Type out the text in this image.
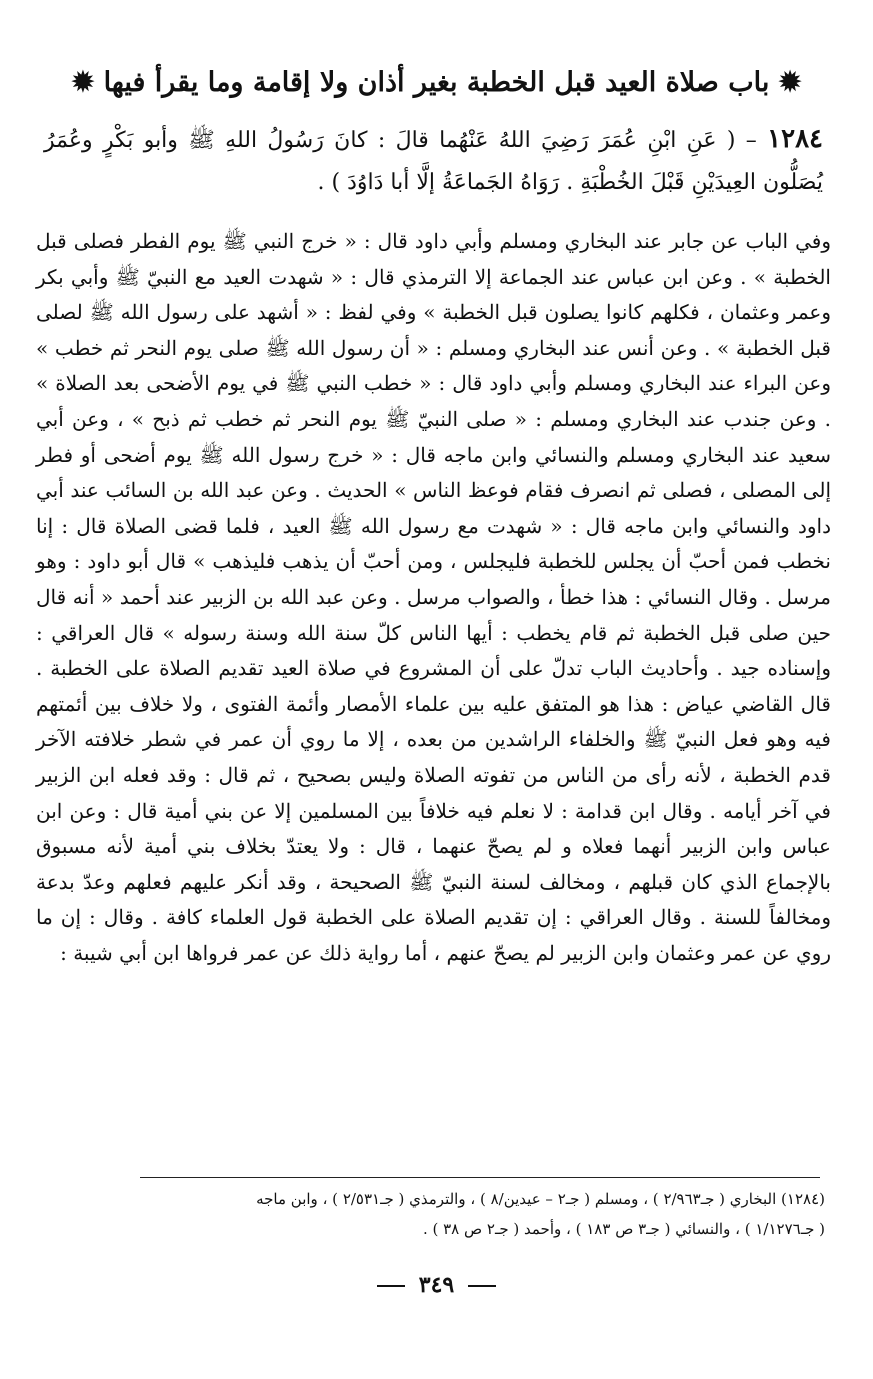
✹ باب صلاة العيد قبل الخطبة بغير أذان ولا إقامة وما يقرأ فيها ✹
١٢٨٤ – ( عَنِ ابْنِ عُمَرَ رَضِيَ اللهُ عَنْهُما قالَ : كانَ رَسُولُ اللهِ ﷺ وأبو بَكْرٍ وعُمَرُ يُصَلُّون العِيدَيْنِ قَبْلَ الخُطْبَةِ . رَوَاهُ الجَماعَةُ إلَّا أبا دَاوُدَ ) .
وفي الباب عن جابر عند البخاري ومسلم وأبي داود قال : « خرج النبي ﷺ يوم الفطر فصلى قبل الخطبة » . وعن ابن عباس عند الجماعة إلا الترمذي قال : « شهدت العيد مع النبيّ ﷺ وأبي بكر وعمر وعثمان ، فكلهم كانوا يصلون قبل الخطبة » وفي لفظ : « أشهد على رسول الله ﷺ لصلى قبل الخطبة » . وعن أنس عند البخاري ومسلم : « أن رسول الله ﷺ صلى يوم النحر ثم خطب » وعن البراء عند البخاري ومسلم وأبي داود قال : « خطب النبي ﷺ في يوم الأضحى بعد الصلاة » . وعن جندب عند البخاري ومسلم : « صلى النبيّ ﷺ يوم النحر ثم خطب ثم ذبح » ، وعن أبي سعيد عند البخاري ومسلم والنسائي وابن ماجه قال : « خرج رسول الله ﷺ يوم أضحى أو فطر إلى المصلى ، فصلى ثم انصرف فقام فوعظ الناس » الحديث . وعن عبد الله بن السائب عند أبي داود والنسائي وابن ماجه قال : « شهدت مع رسول الله ﷺ العيد ، فلما قضى الصلاة قال : إنا نخطب فمن أحبّ أن يجلس للخطبة فليجلس ، ومن أحبّ أن يذهب فليذهب » قال أبو داود : وهو مرسل . وقال النسائي : هذا خطأ ، والصواب مرسل . وعن عبد الله بن الزبير عند أحمد « أنه قال حين صلى قبل الخطبة ثم قام يخطب : أيها الناس كلّ سنة الله وسنة رسوله » قال العراقي : وإسناده جيد . وأحاديث الباب تدلّ على أن المشروع في صلاة العيد تقديم الصلاة على الخطبة . قال القاضي عياض : هذا هو المتفق عليه بين علماء الأمصار وأئمة الفتوى ، ولا خلاف بين أئمتهم فيه وهو فعل النبيّ ﷺ والخلفاء الراشدين من بعده ، إلا ما روي أن عمر في شطر خلافته الآخر قدم الخطبة ، لأنه رأى من الناس من تفوته الصلاة وليس بصحيح ، ثم قال : وقد فعله ابن الزبير في آخر أيامه . وقال ابن قدامة : لا نعلم فيه خلافاً بين المسلمين إلا عن بني أمية قال : وعن ابن عباس وابن الزبير أنهما فعلاه و لم يصحّ عنهما ، قال : ولا يعتدّ بخلاف بني أمية لأنه مسبوق بالإجماع الذي كان قبلهم ، ومخالف لسنة النبيّ ﷺ الصحيحة ، وقد أنكر عليهم فعلهم وعدّ بدعة ومخالفاً للسنة . وقال العراقي : إن تقديم الصلاة على الخطبة قول العلماء كافة . وقال : إن ما روي عن عمر وعثمان وابن الزبير لم يصحّ عنهم ، أما رواية ذلك عن عمر فرواها ابن أبي شيبة :
(١٢٨٤) البخاري ( جـ٢/٩٦٣ ) ، ومسلم ( جـ٢ – عيدين/٨ ) ، والترمذي ( جـ٢/٥٣١ ) ، وابن ماجه
( جـ١/١٢٧٦ ) ، والنسائي ( جـ٣ ص ١٨٣ ) ، وأحمد ( جـ٢ ص ٣٨ ) .
٣٤٩
